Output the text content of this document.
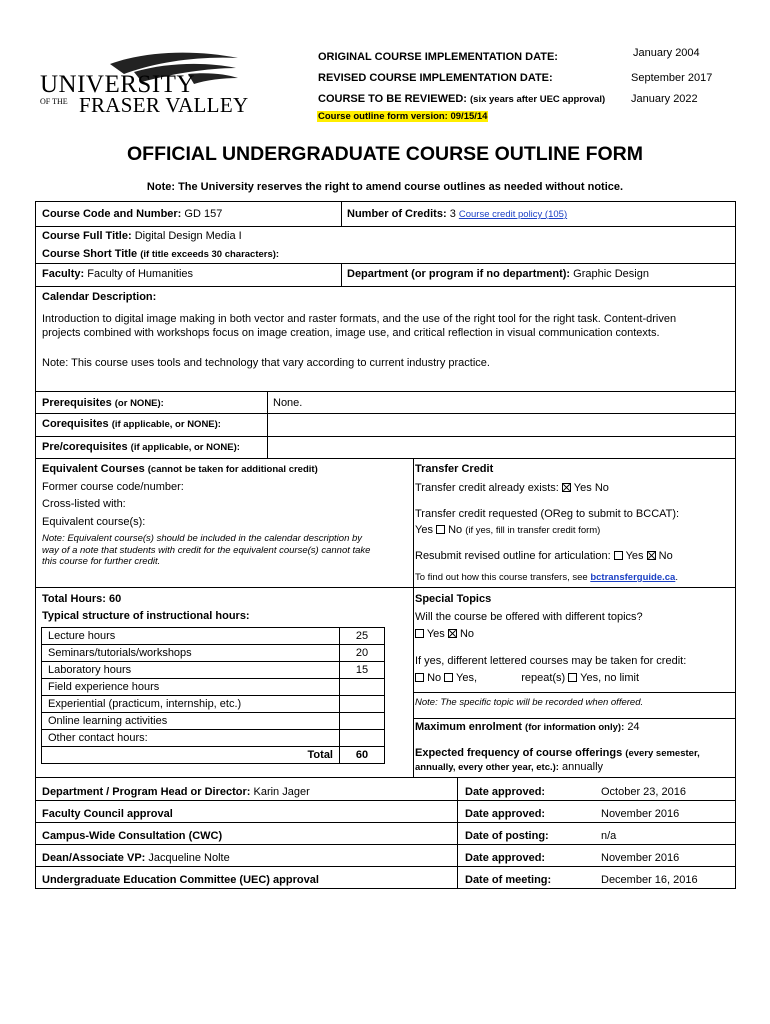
UNIVERSITY
OF THE FRASER VALLEY
ORIGINAL COURSE IMPLEMENTATION DATE:	January 2004
REVISED COURSE IMPLEMENTATION DATE:	September 2017
COURSE TO BE REVIEWED: (six years after UEC approval) January 2022
Course outline form version: 09/15/14
OFFICIAL UNDERGRADUATE COURSE OUTLINE FORM
Note: The University reserves the right to amend course outlines as needed without notice.
Course Code and Number: GD 157	Number of Credits: 3 Course credit policy (105)
Course Full Title: Digital Design Media I
Course Short Title (if title exceeds 30 characters):
Faculty: Faculty of Humanities	Department (or program if no department): Graphic Design
Calendar Description:
Introduction to digital image making in both vector and raster formats, and the use of the right tool for the right task. Content-driven
projects combined with workshops focus on image creation, image use, and critical reflection in visual communication contexts.
Note: This course uses tools and technology that vary according to current industry practice.
Prerequisites (or NONE):	None.
Corequisites (if applicable, or NONE):
Pre/corequisites (if applicable, or NONE):
Equivalent Courses (cannot be taken for additional credit)
Former course code/number:
Cross-listed with:
Equivalent course(s):
Note: Equivalent course(s) should be included in the calendar description by
way of a note that students with credit for the equivalent course(s) cannot take
this course for further credit.
Transfer Credit
Transfer credit already exists: Yes No
Transfer credit requested (OReg to submit to BCCAT):
Yes No (if yes, fill in transfer credit form)
Resubmit revised outline for articulation: Yes No
To find out how this course transfers, see bctransferguide.ca.
Total Hours: 60
Typical structure of instructional hours:
Lecture hours	25
Seminars/tutorials/workshops	20
Laboratory hours	15
Field experience hours	
Experiential (practicum, internship, etc.)	
Online learning activities	
Other contact hours:	
Total	60
Special Topics
Will the course be offered with different topics?
Yes No
If yes, different lettered courses may be taken for credit:
No Yes,	repeat(s) Yes, no limit
Note: The specific topic will be recorded when offered.
Maximum enrolment (for information only): 24
Expected frequency of course offerings (every semester,
annually, every other year, etc.): annually
Department / Program Head or Director: Karin Jager	Date approved:	October 23, 2016
Faculty Council approval	Date approved:	November 2016
Campus-Wide Consultation (CWC)	Date of posting:	n/a
Dean/Associate VP: Jacqueline Nolte	Date approved:	November 2016
Undergraduate Education Committee (UEC) approval	Date of meeting:	December 16, 2016
